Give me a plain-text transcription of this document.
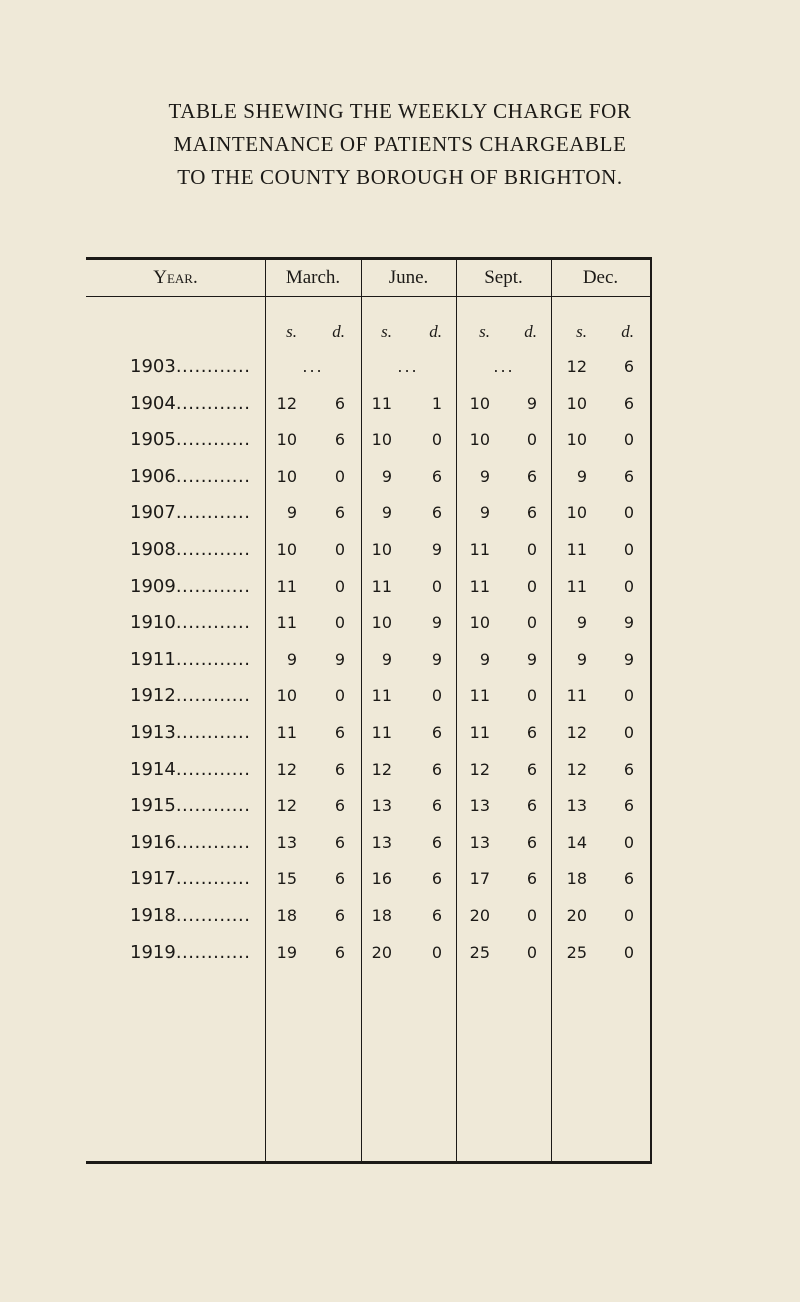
TABLE SHEWING THE WEEKLY CHARGE FOR
MAINTENANCE OF PATIENTS CHARGEABLE
TO THE COUNTY BOROUGH OF BRIGHTON.
Year.	March.	June.	Sept.	Dec.
s.	d.	s.	d.	s.	d.	s.	d.
1903............	...	...	...	12	6
1904............	12	6	11	1	10	9	10	6
1905............	10	6	10	0	10	0	10	0
1906............	10	0	9	6	9	6	9	6
1907............	9	6	9	6	9	6	10	0
1908............	10	0	10	9	11	0	11	0
1909............	11	0	11	0	11	0	11	0
1910............	11	0	10	9	10	0	9	9
1911............	9	9	9	9	9	9	9	9
1912............	10	0	11	0	11	0	11	0
1913............	11	6	11	6	11	6	12	0
1914............	12	6	12	6	12	6	12	6
1915............	12	6	13	6	13	6	13	6
1916............	13	6	13	6	13	6	14	0
1917............	15	6	16	6	17	6	18	6
1918............	18	6	18	6	20	0	20	0
1919............	19	6	20	0	25	0	25	0
